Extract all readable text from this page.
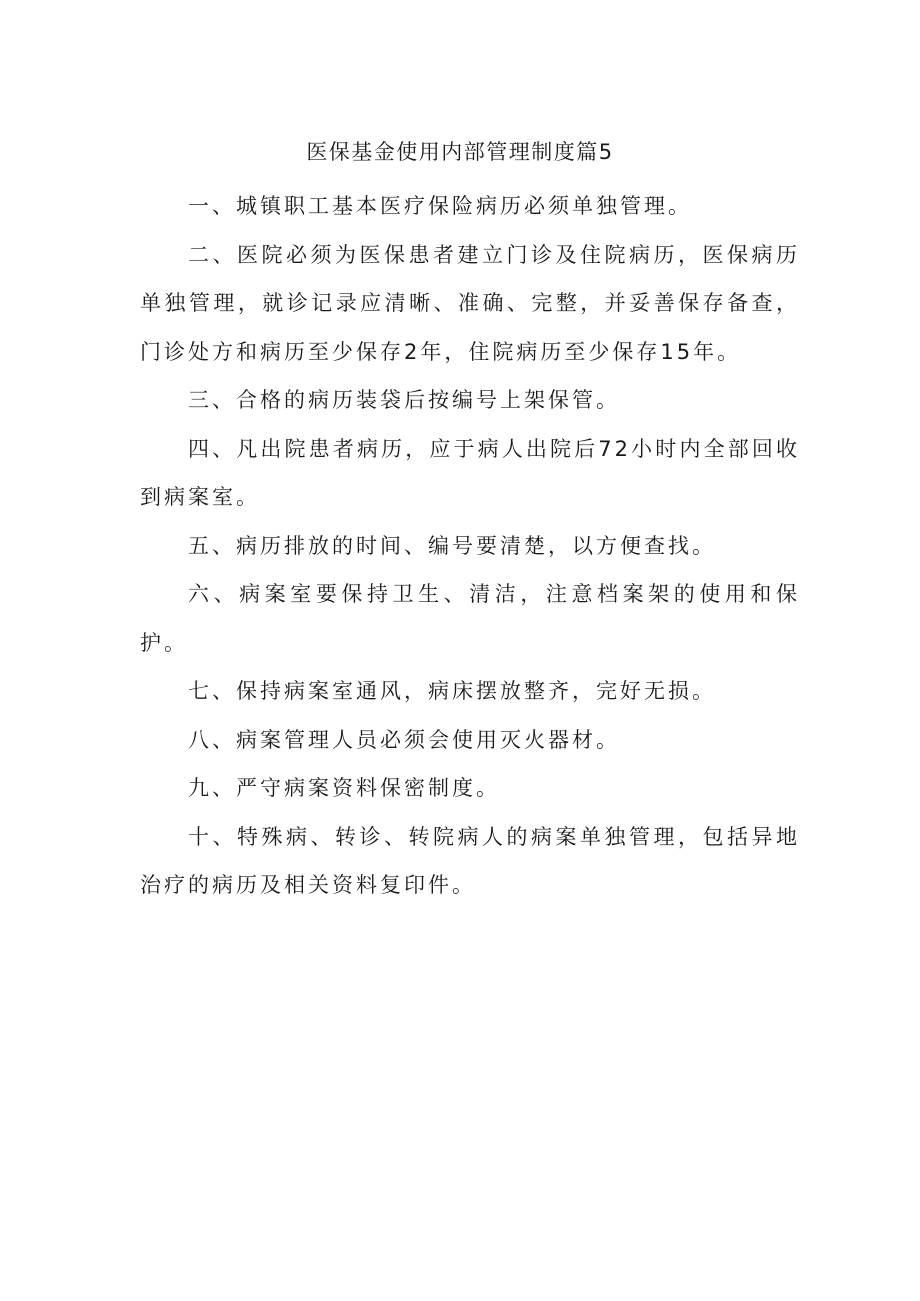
医保基金使用内部管理制度篇5

一、城镇职工基本医疗保险病历必须单独管理。

二、医院必须为医保患者建立门诊及住院病历，医保病历单独管理，就诊记录应清晰、准确、完整，并妥善保存备查，门诊处方和病历至少保存2年，住院病历至少保存15年。

三、合格的病历装袋后按编号上架保管。

四、凡出院患者病历，应于病人出院后72小时内全部回收到病案室。

五、病历排放的时间、编号要清楚，以方便查找。

六、病案室要保持卫生、清洁，注意档案架的使用和保护。

七、保持病案室通风，病床摆放整齐，完好无损。

八、病案管理人员必须会使用灭火器材。

九、严守病案资料保密制度。

十、特殊病、转诊、转院病人的病案单独管理，包括异地治疗的病历及相关资料复印件。
